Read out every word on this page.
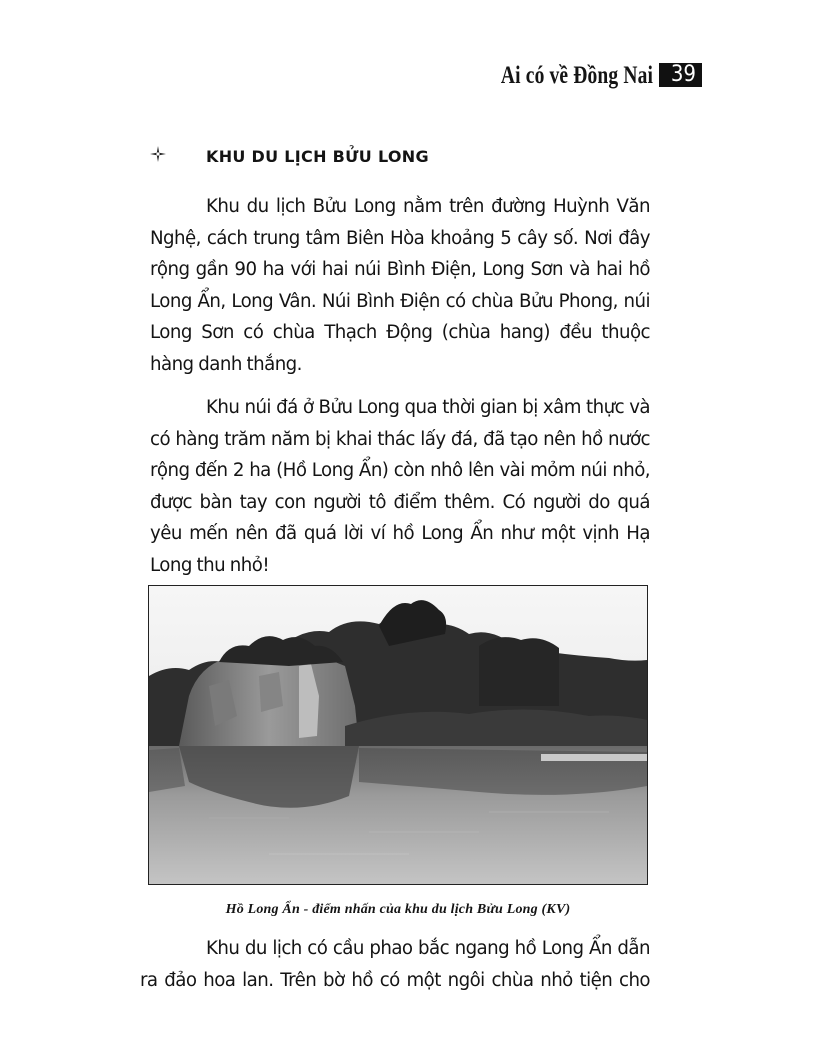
Ai có về Đồng Nai 39
KHU DU LỊCH BỬU LONG
Khu du lịch Bửu Long nằm trên đường Huỳnh Văn
Nghệ, cách trung tâm Biên Hòa khoảng 5 cây số. Nơi đây
rộng gần 90 ha với hai núi Bình Điện, Long Sơn và hai hồ
Long Ẩn, Long Vân. Núi Bình Điện có chùa Bửu Phong, núi
Long Sơn có chùa Thạch Động (chùa hang) đều thuộc
hàng danh thắng.
Khu núi đá ở Bửu Long qua thời gian bị xâm thực và
có hàng trăm năm bị khai thác lấy đá, đã tạo nên hồ nước
rộng đến 2 ha (Hồ Long Ẩn) còn nhô lên vài mỏm núi nhỏ,
được bàn tay con người tô điểm thêm. Có người do quá
yêu mến nên đã quá lời ví hồ Long Ẩn như một vịnh Hạ
Long thu nhỏ!
Hồ Long Ẩn - điểm nhấn của khu du lịch Bửu Long (KV)
Khu du lịch có cầu phao bắc ngang hồ Long Ẩn dẫn
ra đảo hoa lan. Trên bờ hồ có một ngôi chùa nhỏ tiện cho
